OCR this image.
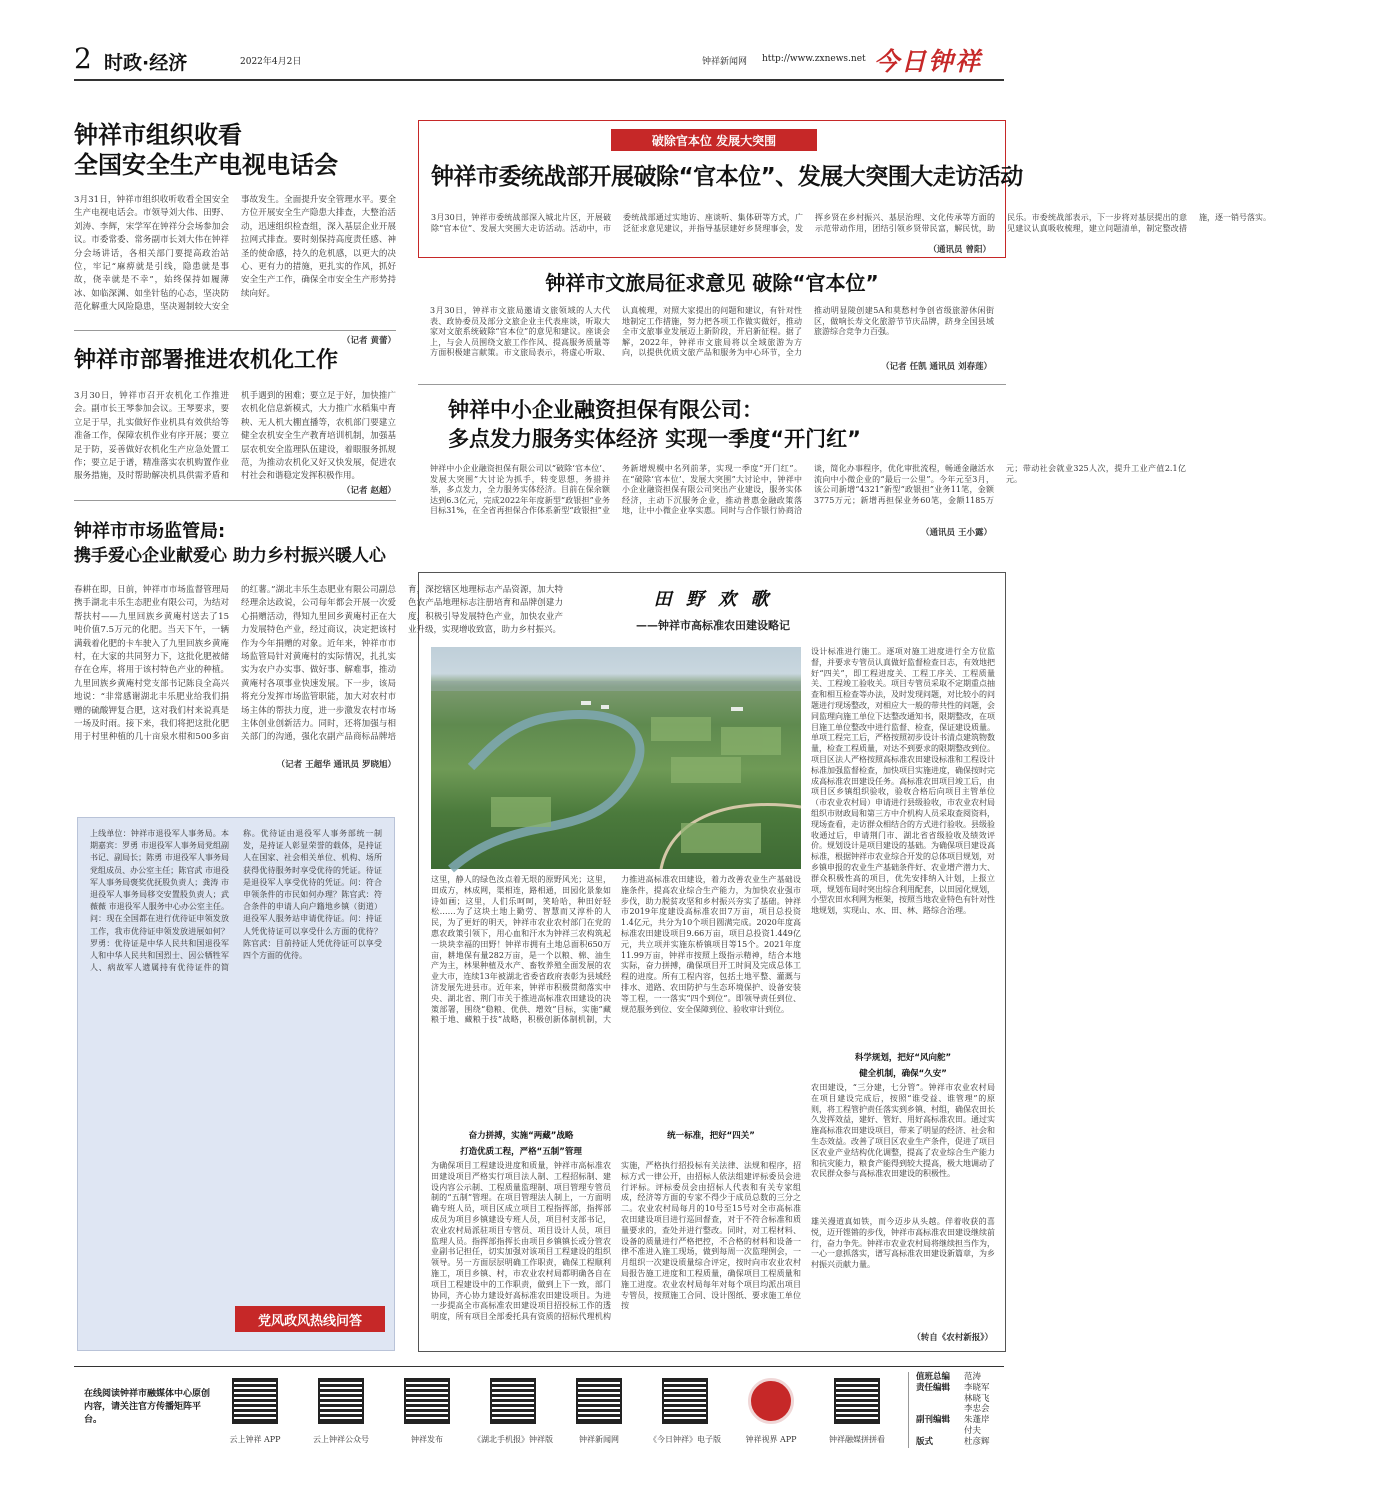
2 时政·经济	2022年4月2日	钟祥新闻网 http://www.zxnews.net 今日钟祥
钟祥市组织收看
全国安全生产电视电话会
3月31日，钟祥市组织收听收看全国安全生产电视电话会。市领导刘大伟、田野、刘涛、李辉，宋学军在钟祥分会场参加会议。市委常委、常务副市长刘大伟在钟祥分会场讲话，各相关部门要提高政治站位，牢记“麻痹就是引线，隐患就是事故，侥幸就是不幸”，始终保持如履薄冰、如临深渊、如坐针毡的心态，坚决防范化解重大风险隐患，坚决遏制较大安全事故发生。全面提升安全管理水平。要全方位开展安全生产隐患大排查，大整治活动，迅速组织检查组，深入基层企业开展拉网式排查。要时刻保持高度责任感、神圣的使命感，持久的危机感，以更大的决心、更有力的措施，更扎实的作风，抓好安全生产工作，确保全市安全生产形势持续向好。
（记者 黄蕾）
钟祥市部署推进农机化工作
3月30日，钟祥市召开农机化工作推进会。副市长王琴参加会议。王琴要求，要立足于早，扎实做好作业机具有效供给等准备工作，保障农机作业有序开展；要立足于防，妥善做好农机化生产应急处置工作；要立足于谱，精准落实农机购置作业服务措施，及时帮助解决机具供需矛盾和机手遇到的困难；要立足于好，加快推广农机化信息新模式，大力推广水稻集中育秧、无人机大棚直播等，农机部门要建立健全农机安全生产教育培训机制，加强基层农机安全监理队伍建设，着眼服务抓规范，为推动农机化又好又快发展，促进农村社会和谐稳定发挥积极作用。
（记者 赵超）
钟祥市市场监管局:
携手爱心企业献爱心 助力乡村振兴暖人心
春耕在即，日前，钟祥市市场监督管理局携手湖北丰乐生态肥业有限公司，为结对帮扶村——九里回族乡黄庵村送去了15吨价值7.5万元的化肥。当天下午，一辆满载着化肥的卡车驶入了九里回族乡黄庵村，在大家的共同努力下，这批化肥被储存在仓库，将用于该村特色产业的种植。九里回族乡黄庵村党支部书记陈良全高兴地说：“非常感谢湖北丰乐肥业给我们捐赠的硫酸钾复合肥，这对我们村来说真是一场及时雨。接下来，我们将把这批化肥用于村里种植的几十亩泉水柑和500多亩的红薯。”湖北丰乐生态肥业有限公司副总经理余达政说，公司每年都会开展一次爱心捐赠活动，得知九里回乡黄庵村正在大力发展特色产业，经过商议，决定把该村作为今年捐赠的对象。近年来，钟祥市市场监管局针对黄庵村的实际情况，扎扎实实为农户办实事、做好事、解难事，推动黄庵村各项事业快速发展。下一步，该局将充分发挥市场监管职能，加大对农村市场主体的帮扶力度，进一步激发农村市场主体创业创新活力。同时，还将加强与相关部门的沟通，强化农副产品商标品牌培育，深挖辖区地理标志产品资源，加大特色农产品地理标志注册培育和品牌创建力度，积极引导发展特色产业，加快农业产业升级，实现增收致富，助力乡村振兴。
（记者 王超华 通讯员 罗晓旭）
上线单位：钟祥市退役军人事务局。本期嘉宾：罗勇 市退役军人事务局党组副书记、副局长；陈勇 市退役军人事务局党组成员、办公室主任；陈官武 市退役军人事务局褒奖优抚股负责人；龚涛 市退役军人事务局移交安置股负责人；武薇薇 市退役军人服务中心办公室主任。问：现在全国都在进行优待证申领发放工作，我市优待证申领发放进展如何？罗勇：优待证是中华人民共和国退役军人和中华人民共和国烈士、因公牺牲军人、病故军人遗属持有优待证件的简称。优待证由退役军人事务部统一制发，是持证人彰显荣誉的载体，是持证人在国家、社会相关单位、机构、场所获得优待服务时享受优待的凭证。待证是退役军人享受优待的凭证。问：符合申领条件的市民如何办理？陈官武：符合条件的申请人向户籍地乡镇（街道）退役军人服务站申请优待证。问：持证人凭优待证可以享受什么方面的优待？陈官武：目前持证人凭优待证可以享受四个方面的优待。
党风政风热线问答
破除官本位 发展大突围
钟祥市委统战部开展破除“官本位”、发展大突围大走访活动
3月30日，钟祥市委统战部深入城北片区，开展破除“官本位”、发展大突围大走访活动。活动中，市委统战部通过实地访、座谈听、集体研等方式，广泛征求意见建议，并指导基层建好乡贤理事会，发挥乡贤在乡村振兴、基层治理、文化传承等方面的示范带动作用，团结引领乡贤带民富，解民忧，助民乐。市委统战部表示，下一步将对基层提出的意见建议认真吸收梳理，建立问题清单，制定整改措施，逐一销号落实。
（通讯员 曾阳）
钟祥市文旅局征求意见 破除“官本位”
3月30日，钟祥市文旅局邀请文旅领域的人大代表、政协委员及部分文旅企业主代表座谈，听取大家对文旅系统破除“官本位”的意见和建议。座谈会上，与会人员围绕文旅工作作风、提高服务质量等方面积极建言献策。市文旅局表示，将虚心听取、认真梳理，对照大家提出的问题和建议，有针对性地制定工作措施，努力把各项工作做实做好，推动全市文旅事业发展迈上新阶段，开启新征程。据了解，2022年，钟祥市文旅局将以全域旅游为方向，以提供优质文旅产品和服务为中心环节，全力推动明显陵创建5A和莫愁村争创省级旅游休闲街区，做响长寿文化旅游节节庆品牌，跻身全国县域旅游综合竞争力百强。
（记者 任凯 通讯员 刘春莲）
钟祥中小企业融资担保有限公司：
多点发力服务实体经济 实现一季度“开门红”
钟祥中小企业融资担保有限公司以“破除‘官本位’、发展大突围”大讨论为抓手，转变思想，务措并举，多点发力，全力服务实体经济。目前在保余额达到6.3亿元，完成2022年年度新型“政银担”业务目标31%，在全省再担保合作体系新型“政银担”业务新增规模中名列前茅，实现一季度“开门红”。在“破除‘官本位’、发展大突围”大讨论中，钟祥中小企业融资担保有限公司突出产业建设，服务实体经济，主动下沉服务企业，推动普惠金融政策落地，让中小微企业享实惠。同时与合作银行协商洽谈，简化办事程序，优化审批流程，畅通金融活水流向中小微企业的“最后一公里”。今年元至3月，该公司新增“4321”新型“政银担”业务11笔，金额3775万元；新增再担保业务60笔，金额1185万元；带动社会就业325人次，提升工业产值2.1亿元。
（通讯员 王小露）
田 野 欢 歌
——钟祥市高标准农田建设略记
这里，静人的绿色汝点着无垠的原野风光；这里，田成方，林成网，渠相连，路相通，田园化景象如诗如画；这里，人们乐呵呵，笑哈哈，种田好轻松……为了这块土地上勤劳、智慧而又淳朴的人民，为了更好的明天，钟祥市农业农村部门在党的惠农政策引领下，用心血和汗水为钟祥三农构筑起一块块幸福的田野！钟祥市拥有土地总面积650万亩，耕地保有量282万亩，是一个以粮、棉、油生产为主，林果种植及水产、畜牧养殖全面发展的农业大市，连续13年被湖北省委省政府表彰为县域经济发展先进县市。近年来，钟祥市积极贯彻落实中央、湖北省、荆门市关于推进高标准农田建设的决策部署，围绕“稳粮、优供、增效”目标，实施“藏粮于地、藏粮于技”战略，积极创新体制机制，大力推进高标准农田建设，着力改善农业生产基础设施条件，提高农业综合生产能力，为加快农业强市步伐，助力脱贫攻坚和乡村振兴夯实了基础。钟祥市2019年度建设高标准农田7万亩，项目总投资1.4亿元，共分为10个项目圆满完成。2020年度高标准农田建设项目9.66万亩，项目总投资1.449亿元，共立项并实施东桥镇项目等15个。2021年度11.99万亩，钟祥市按照上级指示精神，结合本地实际，奋力拼搏，确保项目开工时间及完成总体工程的进度。所有工程内容，包括土地平整、灌溉与排水、道路、农田防护与生态环境保护、设备安装等工程，一一落实“四个到位”。即领导责任到位、规范服务到位、安全保障到位、验收审计到位。
奋力拼搏，实施“两藏”战略
打造优质工程，严格“五制”管理
为确保项目工程建设进度和质量，钟祥市高标准农田建设项目严格实行项目法人制、工程招标制、建设内容公示制、工程质量监理制、项目管理专管员制的“五制”管理。在项目管理法人制上，一方面明确专班人员，项目区成立项目工程指挥部，指挥部成员为项目乡镇建设专班人员，项目村支部书记，农业农村局派驻项目专管员、项目设计人员，项目监理人员。指挥部指挥长由项目乡镇镇长或分管农业副书记担任，切实加强对该项目工程建设的组织领导。另一方面层层明确工作职责，确保工程顺利施工，项目乡镇、村，市农业农村局都明确各自在项目工程建设中的工作职责，做到上下一致，部门协同，齐心协力建设好高标准农田建设项目。为进一步提高全市高标准农田建设项目招投标工作的透明度，所有项目全部委托具有资质的招标代理机构实施，严格执行招投标有关法律、法规和程序，招标方式一律公开，由招标人依法组建评标委员会进行评标。评标委员会由招标人代表和有关专家组成，经济等方面的专家不得少于成员总数的三分之二。农业农村局每月的10号至15号对全市高标准农田建设项目进行巡回督查，对于不符合标准和质量要求的，查处并进行整改。同时，对工程材料、设备的质量进行严格把控，不合格的材料和设备一律不准进入施工现场，做到每周一次监理例会，一月组织一次建设质量综合评定，按时向市农业农村局报告施工进度和工程质量，确保项目工程质量和施工进度。农业农村局每年对每个项目均派出项目专管员，按照施工合同、设计图纸、要求施工单位按
统一标准，把好“四关”
设计标准进行施工。逐项对施工进度进行全方位监督，并要求专管员认真做好监督检查日志，有效地把好“四关”，即工程进度关、工程工序关、工程质量关、工程竣工验收关。项目专管员采取不定期重点抽查和相互检查等办法，及时发现问题，对比较小的问题进行现场整改，对相应大一般的带共性的问题，会同监理向施工单位下达整改通知书，限期整改，在项目施工单位整改中进行监督、检查，保证建设质量。单项工程完工后，严格按照初步设计书清点建筑物数量，检查工程质量，对达不到要求的限期整改到位。项目区法人严格按照高标准农田建设标准和工程设计标准加强监督检查，加快项目实施进度，确保按时完成高标准农田建设任务。高标准农田项目竣工后，由项目区乡镇组织验收，验收合格后向项目主管单位（市农业农村局）申请进行县级验收，市农业农村局组织市财政局和第三方中介机构人员采取查阅资料，现场查看，走访群众相结合的方式进行验收。县级验收通过后，申请荆门市、湖北省省级验收及绩效评价。规划设计是项目建设的基础。为确保项目建设高标准，根据钟祥市农业综合开发的总体项目规划，对乡镇申报的农业生产基础条件好、农业增产潜力大、群众积极性高的项目，优先安排纳入计划，上报立项，规划布局时突出综合利用配套，以田园化规划，小型农田水利网为框架，按照当地农业特色有针对性地规划，实现山、水、田、林、路综合治理。
科学规划，把好“风向舵”
健全机制，确保“久安”
农田建设，“三分建，七分管”。钟祥市农业农村局在项目建设完成后，按照“谁受益、谁管理”的原则，将工程管护责任落实到乡镇、村组，确保农田长久发挥效益，建好、管好、用好高标准农田。通过实施高标准农田建设项目，带来了明显的经济、社会和生态效益。改善了项目区农业生产条件，促进了项目区农业产业结构优化调整，提高了农业综合生产能力和抗灾能力，粮食产能得到较大提高，极大地调动了农民群众参与高标准农田建设的积极性。
雄关漫道真如铁，而今迈步从头越。伴着收获的喜悦，迈开铿锵的步伐，钟祥市高标准农田建设继续前行，奋力争先。钟祥市农业农村局将继续担当作为，一心一意抓落实，谱写高标准农田建设新篇章，为乡村振兴贡献力量。
（转自《农村新报》）
在线阅读钟祥市融媒体中心原创内容，请关注官方传播矩阵平台。
云上钟祥 APP	云上钟祥公众号	钟祥发布	《湖北手机报》钟祥版	钟祥新闻网	《今日钟祥》电子版	钟祥视界 APP	钟祥融媒拼拼看
值班总编 范涛
责任编辑 李晓军
林晓飞
李忠会
副刊编辑 朱蓬岸
付夫
版式	杜彦辉
